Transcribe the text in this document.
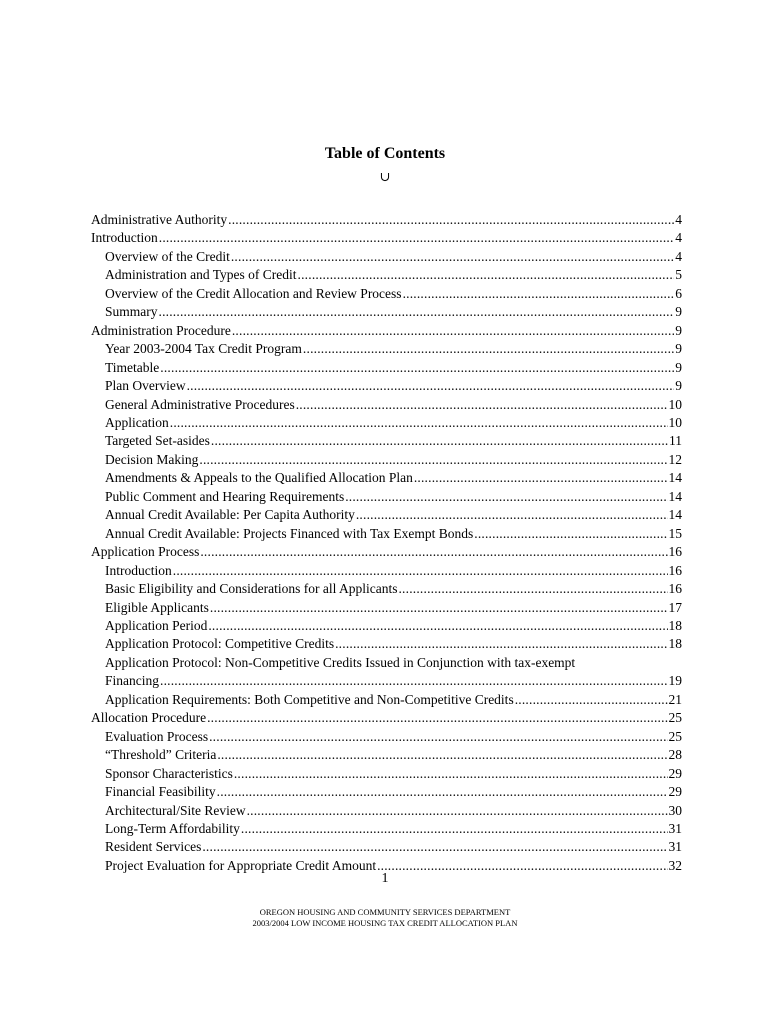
Table of Contents
∪
Administrative Authority .....	4
Introduction .....	4
Overview of the Credit .....	4
Administration and Types of Credit .....	5
Overview of the Credit Allocation and Review Process .....	6
Summary .....	9
Administration Procedure .....	9
Year 2003-2004 Tax Credit Program .....	9
Timetable .....	9
Plan Overview .....	9
General Administrative Procedures .....	10
Application .....	10
Targeted Set-asides .....	11
Decision Making .....	12
Amendments & Appeals to the Qualified Allocation Plan .....	14
Public Comment and Hearing Requirements .....	14
Annual Credit Available: Per Capita Authority .....	14
Annual Credit Available: Projects Financed with Tax Exempt Bonds .....	15
Application Process .....	16
Introduction .....	16
Basic Eligibility and Considerations for all Applicants .....	16
Eligible Applicants .....	17
Application Period .....	18
Application Protocol: Competitive Credits .....	18
Application Protocol: Non-Competitive Credits Issued in Conjunction with tax-exempt
Financing .....	19
Application Requirements: Both Competitive and Non-Competitive Credits .....	21
Allocation Procedure .....	25
Evaluation Process .....	25
“Threshold” Criteria .....	28
Sponsor Characteristics .....	29
Financial Feasibility .....	29
Architectural/Site Review .....	30
Long-Term Affordability .....	31
Resident Services .....	31
Project Evaluation for Appropriate Credit Amount .....	32
1
OREGON HOUSING AND COMMUNITY SERVICES DEPARTMENT
2003/2004 LOW INCOME HOUSING TAX CREDIT ALLOCATION PLAN
